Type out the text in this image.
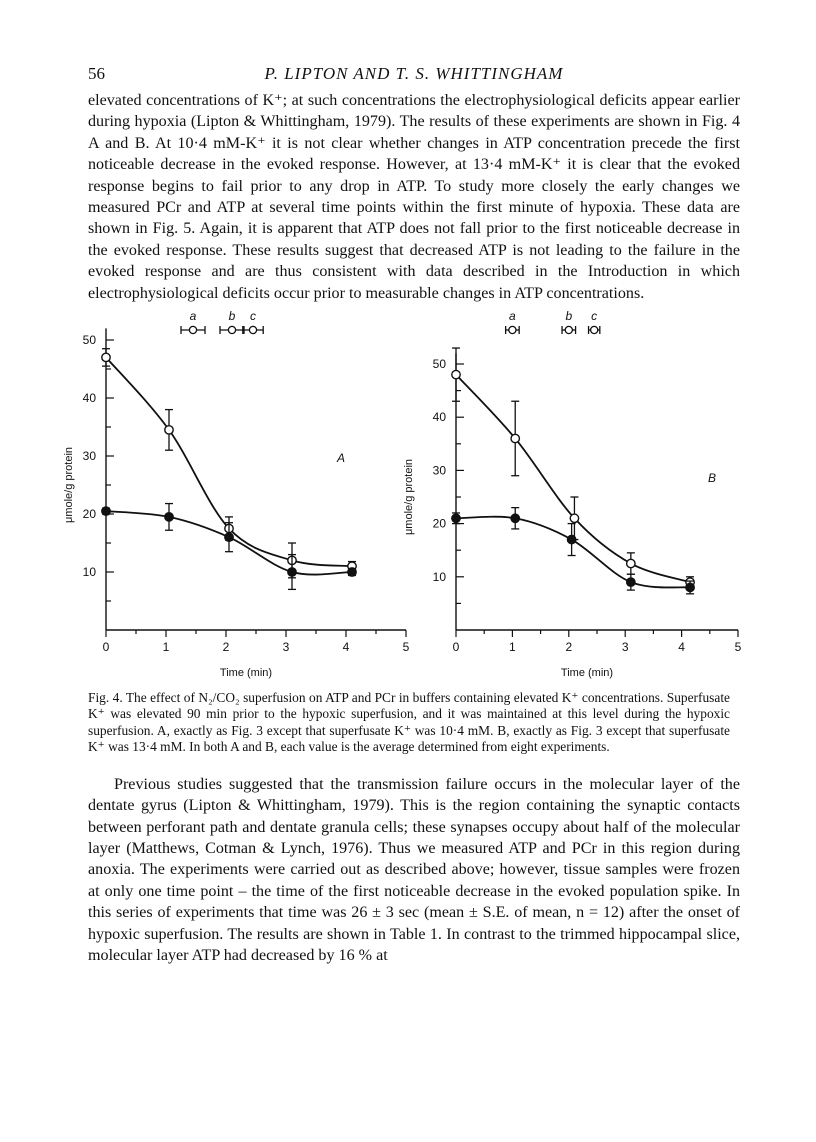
56	P. LIPTON AND T. S. WHITTINGHAM

elevated concentrations of K⁺; at such concentrations the electrophysiological deficits appear earlier during hypoxia (Lipton & Whittingham, 1979). The results of these experiments are shown in Fig. 4 A and B. At 10·4 mM-K⁺ it is not clear whether changes in ATP concentration precede the first noticeable decrease in the evoked response. However, at 13·4 mM-K⁺ it is clear that the evoked response begins to fail prior to any drop in ATP. To study more closely the early changes we measured PCr and ATP at several time points within the first minute of hypoxia. These data are shown in Fig. 5. Again, it is apparent that ATP does not fall prior to the first noticeable decrease in the evoked response. These results suggest that decreased ATP is not leading to the failure in the evoked response and are thus consistent with data described in the Introduction in which electrophysiological deficits occur prior to measurable changes in ATP concentrations.

0	1	2	3	4	5
10
20
30
40
50
Time (min)
μmole/g protein	A
a	b c
0	1	2	3	4	5
10
20
30
40
50
Time (min)
μmole/g protein	B
a	b c

Fig. 4. The effect of N₂/CO₂ superfusion on ATP and PCr in buffers containing elevated K⁺ concentrations. Superfusate K⁺ was elevated 90 min prior to the hypoxic superfusion, and it was maintained at this level during the hypoxic superfusion. A, exactly as Fig. 3 except that superfusate K⁺ was 10·4 mM. B, exactly as Fig. 3 except that superfusate K⁺ was 13·4 mM. In both A and B, each value is the average determined from eight experiments.

Previous studies suggested that the transmission failure occurs in the molecular layer of the dentate gyrus (Lipton & Whittingham, 1979). This is the region containing the synaptic contacts between perforant path and dentate granula cells; these synapses occupy about half of the molecular layer (Matthews, Cotman & Lynch, 1976). Thus we measured ATP and PCr in this region during anoxia. The experiments were carried out as described above; however, tissue samples were frozen at only one time point – the time of the first noticeable decrease in the evoked population spike. In this series of experiments that time was 26 ± 3 sec (mean ± S.E. of mean, n = 12) after the onset of hypoxic superfusion. The results are shown in Table 1. In contrast to the trimmed hippocampal slice, molecular layer ATP had decreased by 16 % at
